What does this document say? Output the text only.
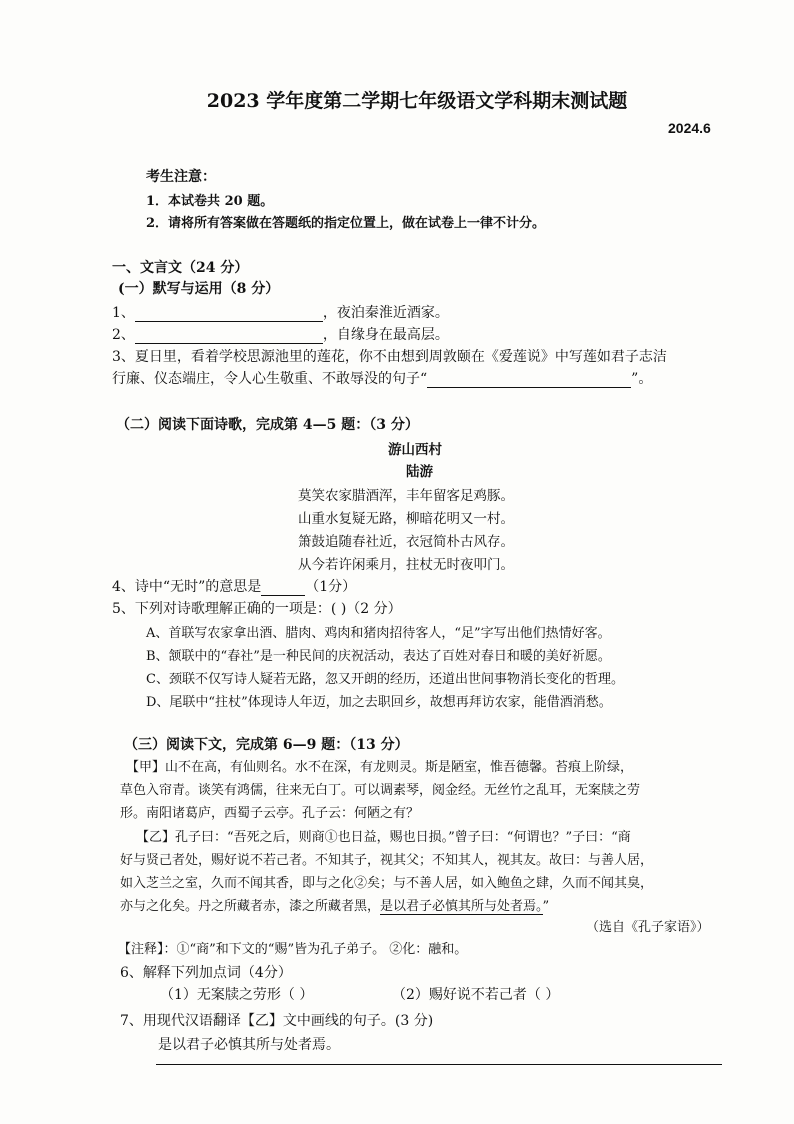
2023 学年度第二学期七年级语文学科期末测试题
2024.6
考生注意：
1．本试卷共 20 题。
2．请将所有答案做在答题纸的指定位置上，做在试卷上一律不计分。
一、文言文（24 分）
(一）默写与运用（8 分）
1、	，夜泊秦淮近酒家。
2、	，自缘身在最高层。
3、夏日里，看着学校思源池里的莲花，你不由想到周敦颐在《爱莲说》中写莲如君子志洁
行廉、仪态端庄，令人心生敬重、不敢辱没的句子“	”。
（二）阅读下面诗歌，完成第 4—5 题：（3 分）
游山西村
陆游
莫笑农家腊酒浑，丰年留客足鸡豚。
山重水复疑无路，柳暗花明又一村。
箫鼓追随春社近，衣冠简朴古风存。
从今若许闲乘月，拄杖无时夜叩门。
4、诗中“无时”的意思是	（1分）
5、下列对诗歌理解正确的一项是：( )（2 分）
A、首联写农家拿出酒、腊肉、鸡肉和猪肉招待客人，“足”字写出他们热情好客。
B、颔联中的“春社”是一种民间的庆祝活动，表达了百姓对春日和暖的美好祈愿。
C、颈联不仅写诗人疑若无路，忽又开朗的经历，还道出世间事物消长变化的哲理。
D、尾联中“拄杖”体现诗人年迈，加之去职回乡，故想再拜访农家，能借酒消愁。
（三）阅读下文，完成第 6—9 题：（13 分）
【甲】山不在高，有仙则名。水不在深，有龙则灵。斯是陋室，惟吾德馨。苔痕上阶绿，
草色入帘青。谈笑有鸿儒，往来无白丁。可以调素琴，阅金经。无丝竹之乱耳，无案牍之劳
形。南阳诸葛庐，西蜀子云亭。孔子云：何陋之有？
【乙】孔子曰：“吾死之后，则商①也日益，赐也日损。”曾子曰：“何谓也？”子曰：“商
好与贤己者处，赐好说不若己者。不知其子，视其父；不知其人，视其友。故曰：与善人居，
如入芝兰之室，久而不闻其香，即与之化②矣；与不善人居，如入鲍鱼之肆，久而不闻其臭，
亦与之化矣。丹之所藏者赤，漆之所藏者黑，是以君子必慎其所与处者焉。”
（选自《孔子家语》）
【注释】：①“商”和下文的“赐”皆为孔子弟子。 ②化：融和。
6、解释下列加点词（4分）
（1）无案牍之劳形（ ）	（2）赐好说不若己者（ ）
7、用现代汉语翻译【乙】文中画线的句子。(3 分)
是以君子必慎其所与处者焉。
